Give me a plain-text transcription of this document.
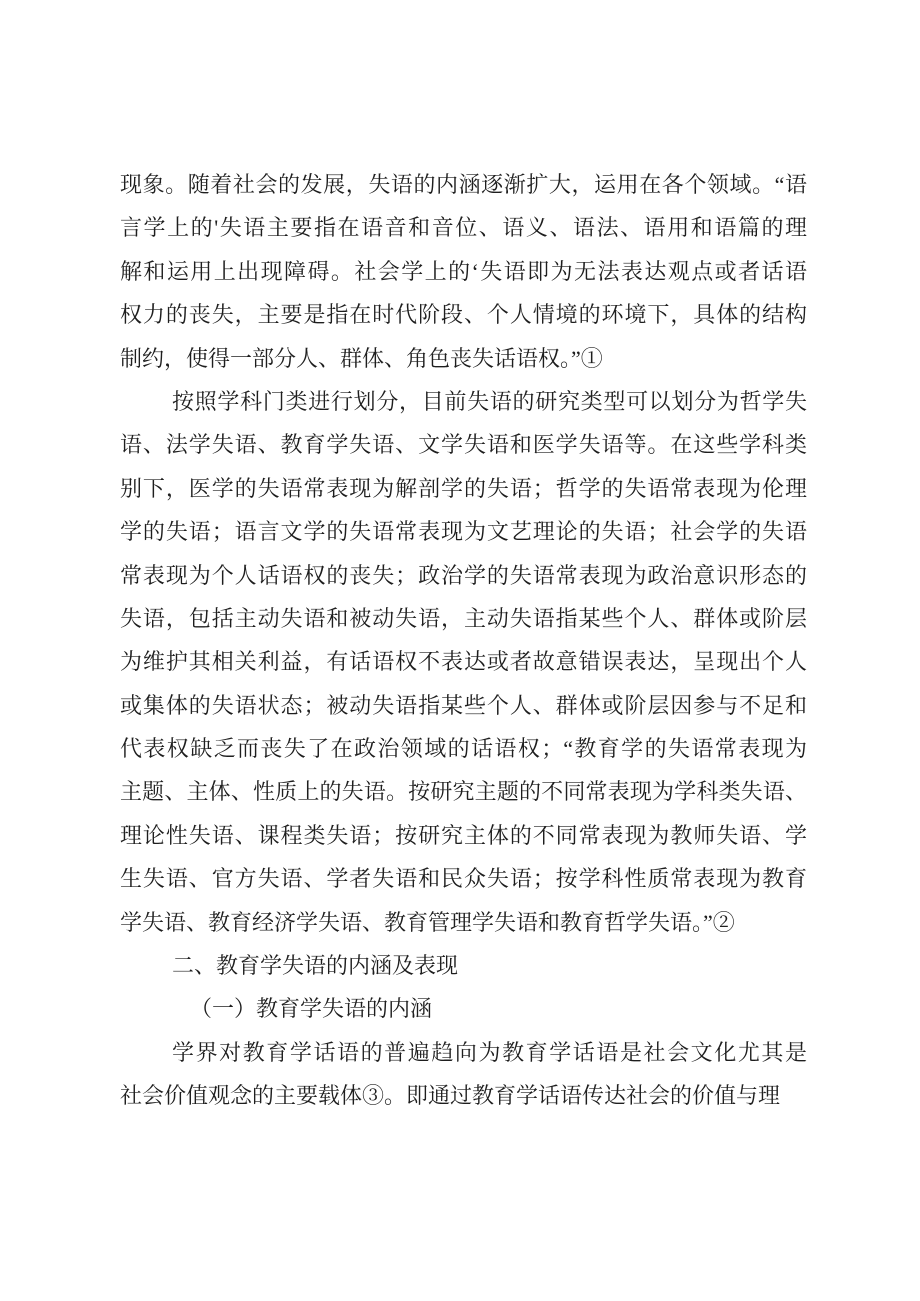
现象。随着社会的发展，失语的内涵逐渐扩大，运用在各个领域。“语
言学上的'失语主要指在语音和音位、语义、语法、语用和语篇的理
解和运用上出现障碍。社会学上的‘失语即为无法表达观点或者话语
权力的丧失，主要是指在时代阶段、个人情境的环境下，具体的结构
制约，使得一部分人、群体、角色丧失话语权。”①
按照学科门类进行划分，目前失语的研究类型可以划分为哲学失
语、法学失语、教育学失语、文学失语和医学失语等。在这些学科类
别下，医学的失语常表现为解剖学的失语；哲学的失语常表现为伦理
学的失语；语言文学的失语常表现为文艺理论的失语；社会学的失语
常表现为个人话语权的丧失；政治学的失语常表现为政治意识形态的
失语，包括主动失语和被动失语，主动失语指某些个人、群体或阶层
为维护其相关利益，有话语权不表达或者故意错误表达，呈现出个人
或集体的失语状态；被动失语指某些个人、群体或阶层因参与不足和
代表权缺乏而丧失了在政治领域的话语权；“教育学的失语常表现为
主题、主体、性质上的失语。按研究主题的不同常表现为学科类失语、
理论性失语、课程类失语；按研究主体的不同常表现为教师失语、学
生失语、官方失语、学者失语和民众失语；按学科性质常表现为教育
学失语、教育经济学失语、教育管理学失语和教育哲学失语。”②
二、教育学失语的内涵及表现
（一）教育学失语的内涵
学界对教育学话语的普遍趋向为教育学话语是社会文化尤其是
社会价值观念的主要载体③。即通过教育学话语传达社会的价值与理
